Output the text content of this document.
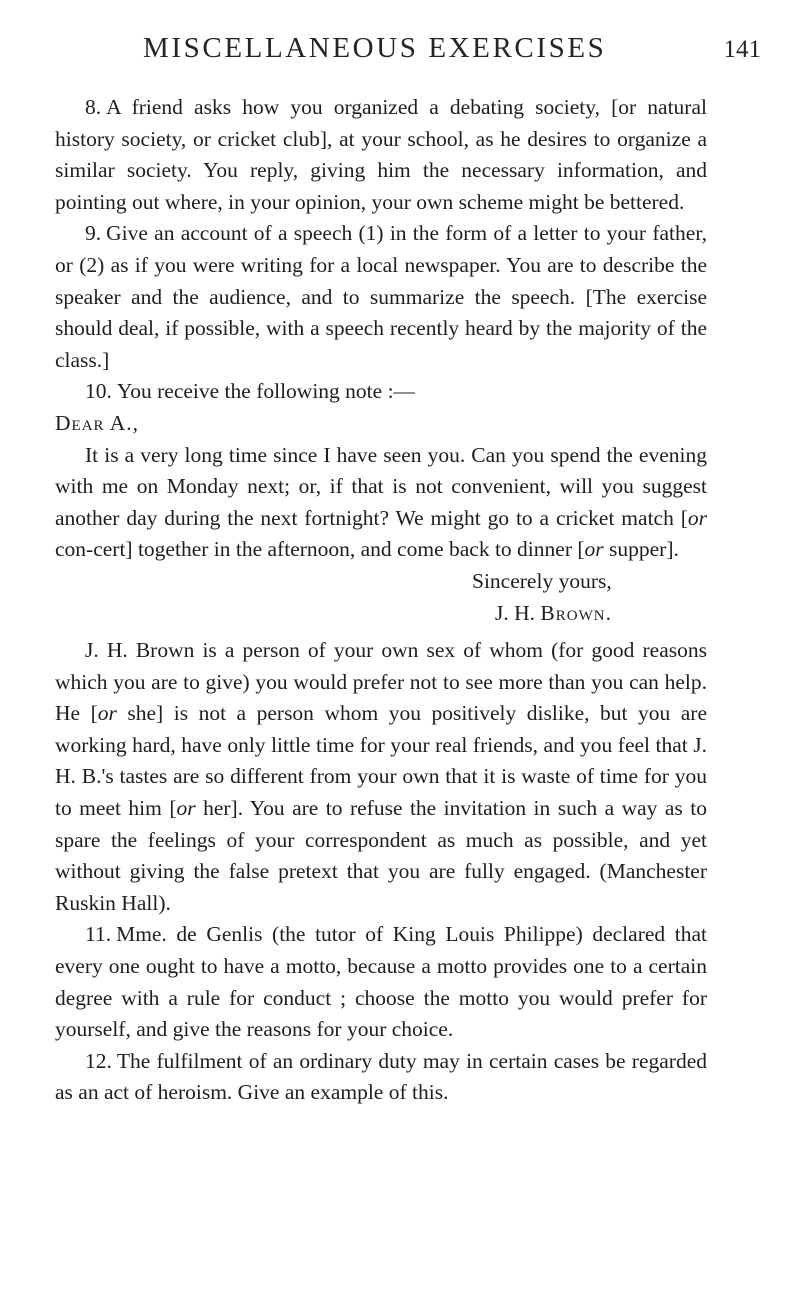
MISCELLANEOUS EXERCISES	141

8. A friend asks how you organized a debating society, [or natural history society, or cricket club], at your school, as he desires to organize a similar society. You reply, giving him the necessary information, and pointing out where, in your opinion, your own scheme might be bettered.

9. Give an account of a speech (1) in the form of a letter to your father, or (2) as if you were writing for a local newspaper. You are to describe the speaker and the audience, and to summarize the speech. [The exercise should deal, if possible, with a speech recently heard by the majority of the class.]

10. You receive the following note :—

Dear A.,

It is a very long time since I have seen you. Can you spend the evening with me on Monday next; or, if that is not convenient, will you suggest another day during the next fortnight? We might go to a cricket match [or con-cert] together in the afternoon, and come back to dinner [or supper].

Sincerely yours,

J. H. Brown.

J. H. Brown is a person of your own sex of whom (for good reasons which you are to give) you would prefer not to see more than you can help. He [or she] is not a person whom you positively dislike, but you are working hard, have only little time for your real friends, and you feel that J. H. B.'s tastes are so different from your own that it is waste of time for you to meet him [or her]. You are to refuse the invitation in such a way as to spare the feelings of your correspondent as much as possible, and yet without giving the false pretext that you are fully engaged. (Manchester Ruskin Hall).

11. Mme. de Genlis (the tutor of King Louis Philippe) declared that every one ought to have a motto, because a motto provides one to a certain degree with a rule for conduct ; choose the motto you would prefer for yourself, and give the reasons for your choice.

12. The fulfilment of an ordinary duty may in certain cases be regarded as an act of heroism. Give an example of this.
